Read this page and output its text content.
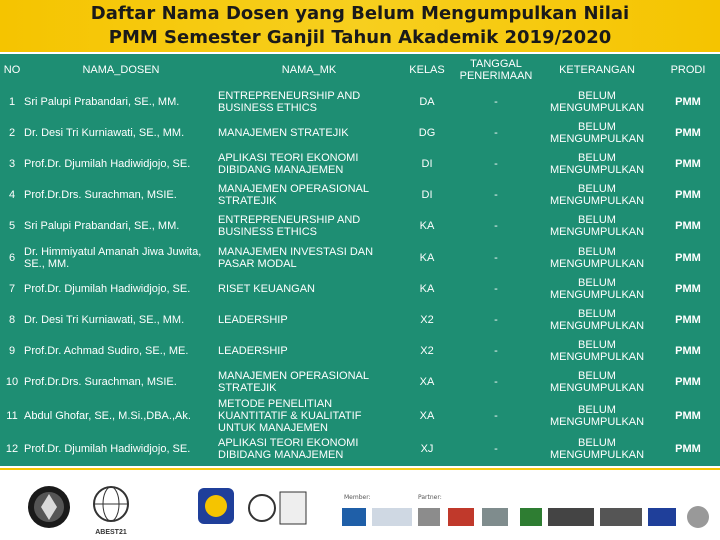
Daftar Nama Dosen yang Belum Mengumpulkan Nilai
PMM Semester Ganjil Tahun Akademik 2019/2020
NO	NAMA_DOSEN	NAMA_MK	KELAS	TANGGAL PENERIMAAN	KETERANGAN	PRODI
1	Sri Palupi Prabandari, SE., MM.	ENTREPRENEURSHIP AND BUSINESS ETHICS	DA	-	BELUM MENGUMPULKAN	PMM
2	Dr. Desi Tri Kurniawati, SE., MM.	MANAJEMEN STRATEJIK	DG	-	BELUM MENGUMPULKAN	PMM
3	Prof.Dr. Djumilah Hadiwidjojo, SE.	APLIKASI TEORI EKONOMI DIBIDANG MANAJEMEN	DI	-	BELUM MENGUMPULKAN	PMM
4	Prof.Dr.Drs. Surachman, MSIE.	MANAJEMEN OPERASIONAL STRATEJIK	DI	-	BELUM MENGUMPULKAN	PMM
5	Sri Palupi Prabandari, SE., MM.	ENTREPRENEURSHIP AND BUSINESS ETHICS	KA	-	BELUM MENGUMPULKAN	PMM
6	Dr. Himmiyatul Amanah Jiwa Juwita, SE., MM.	MANAJEMEN INVESTASI DAN PASAR MODAL	KA	-	BELUM MENGUMPULKAN	PMM
7	Prof.Dr. Djumilah Hadiwidjojo, SE.	RISET KEUANGAN	KA	-	BELUM MENGUMPULKAN	PMM
8	Dr. Desi Tri Kurniawati, SE., MM.	LEADERSHIP	X2	-	BELUM MENGUMPULKAN	PMM
9	Prof.Dr. Achmad Sudiro, SE., ME.	LEADERSHIP	X2	-	BELUM MENGUMPULKAN	PMM
10	Prof.Dr.Drs. Surachman, MSIE.	MANAJEMEN OPERASIONAL STRATEJIK	XA	-	BELUM MENGUMPULKAN	PMM
11	Abdul Ghofar, SE., M.Si.,DBA.,Ak.	METODE PENELITIAN KUANTITATIF & KUALITATIF UNTUK MANAJEMEN	XA	-	BELUM MENGUMPULKAN	PMM
12	Prof.Dr. Djumilah Hadiwidjojo, SE.	APLIKASI TEORI EKONOMI DIBIDANG MANAJEMEN	XJ	-	BELUM MENGUMPULKAN	PMM
ABEST21
Member:	Partner:
